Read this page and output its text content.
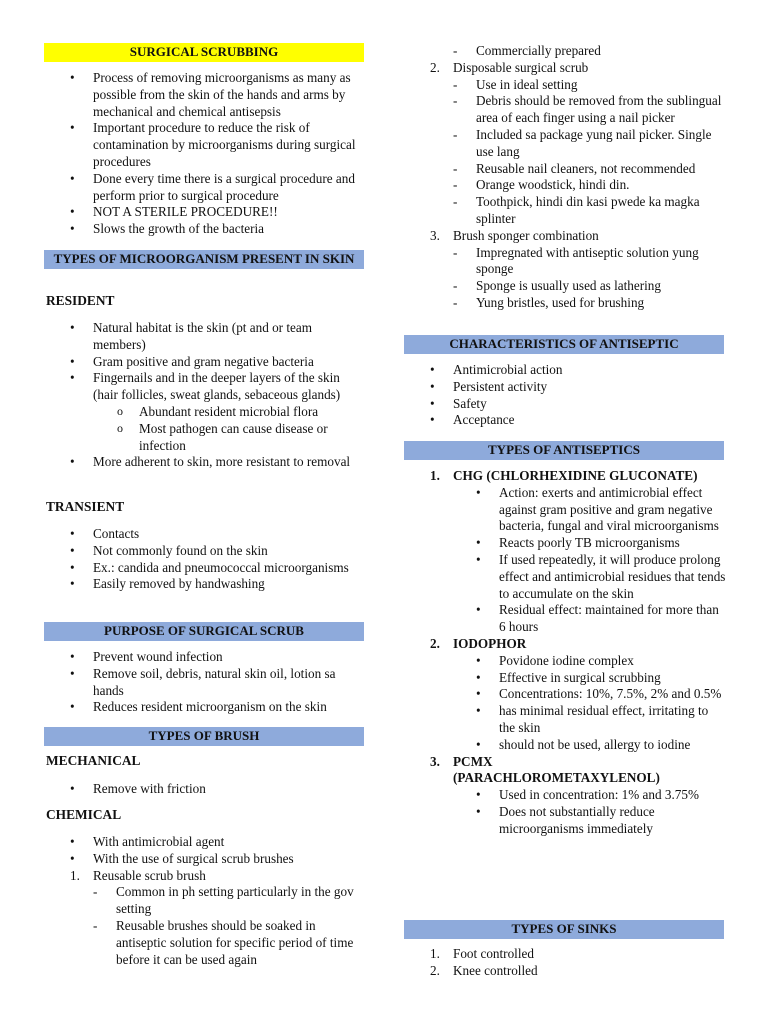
SURGICAL SCRUBBING
• Process of removing microorganisms as many as possible from the skin of the hands and arms by mechanical and chemical antisepsis
• Important procedure to reduce the risk of contamination by microorganisms during surgical procedures
• Done every time there is a surgical procedure and perform prior to surgical procedure
• NOT A STERILE PROCEDURE!!
• Slows the growth of the bacteria
TYPES OF MICROORGANISM PRESENT IN SKIN
RESIDENT
• Natural habitat is the skin (pt and or team members)
• Gram positive and gram negative bacteria
• Fingernails and in the deeper layers of the skin (hair follicles, sweat glands, sebaceous glands)
o Abundant resident microbial flora
o Most pathogen can cause disease or infection
• More adherent to skin, more resistant to removal
TRANSIENT
• Contacts
• Not commonly found on the skin
• Ex.: candida and pneumococcal microorganisms
• Easily removed by handwashing
PURPOSE OF SURGICAL SCRUB
• Prevent wound infection
• Remove soil, debris, natural skin oil, lotion sa hands
• Reduces resident microorganism on the skin
TYPES OF BRUSH
MECHANICAL
• Remove with friction
CHEMICAL
• With antimicrobial agent
• With the use of surgical scrub brushes
1. Reusable scrub brush
- Common in ph setting particularly in the gov setting
- Reusable brushes should be soaked in antiseptic solution for specific period of time before it can be used again
- Commercially prepared
2. Disposable surgical scrub
- Use in ideal setting
- Debris should be removed from the sublingual area of each finger using a nail picker
- Included sa package yung nail picker. Single use lang
- Reusable nail cleaners, not recommended
- Orange woodstick, hindi din.
- Toothpick, hindi din kasi pwede ka magka splinter
3. Brush sponger combination
- Impregnated with antiseptic solution yung sponge
- Sponge is usually used as lathering
- Yung bristles, used for brushing
CHARACTERISTICS OF ANTISEPTIC
• Antimicrobial action
• Persistent activity
• Safety
• Acceptance
TYPES OF ANTISEPTICS
1. CHG (CHLORHEXIDINE GLUCONATE)
• Action: exerts and antimicrobial effect against gram positive and gram negative bacteria, fungal and viral microorganisms
• Reacts poorly TB microorganisms
• If used repeatedly, it will produce prolong effect and antimicrobial residues that tends to accumulate on the skin
• Residual effect: maintained for more than 6 hours
2. IODOPHOR
• Povidone iodine complex
• Effective in surgical scrubbing
• Concentrations: 10%, 7.5%, 2% and 0.5%
• has minimal residual effect, irritating to the skin
• should not be used, allergy to iodine
3. PCMX (PARACHLOROMETAXYLENOL)
• Used in concentration: 1% and 3.75%
• Does not substantially reduce microorganisms immediately
TYPES OF SINKS
1. Foot controlled
2. Knee controlled
